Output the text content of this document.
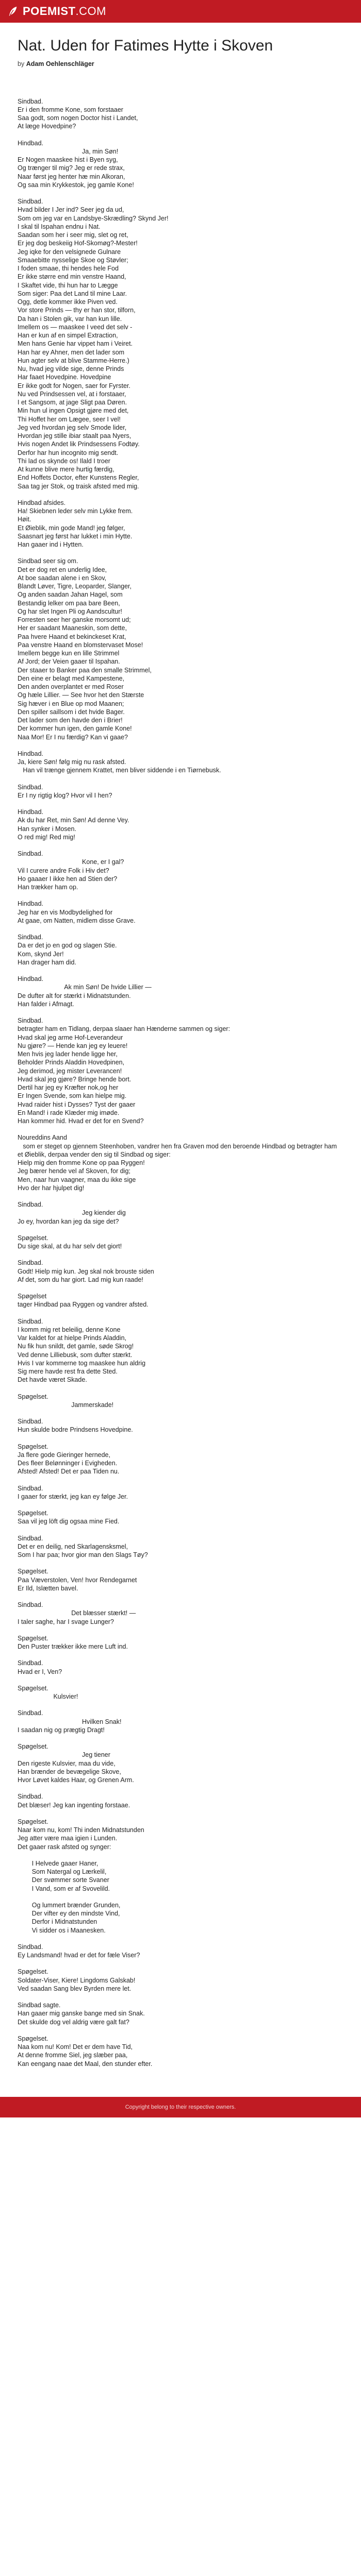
POEMIST.COM
Nat. Uden for Fatimes Hytte i Skoven
by Adam Oehlenschläger
Sindbad.
Er i den fromme Kone, som forstaaer
Saa godt, som nogen Doctor hist i Landet,
At læge Hovedpine?
Hindbad.
Ja, min Søn!
Er Nogen maaskee hist i Byen syg,
Og trænger til mig? Jeg er rede strax,
Naar først jeg henter hæ min Alkoran,
Og saa min Krykkestok, jeg gamle Kone!
Sindbad.
Hvad bilder I Jer ind? Seer jeg da ud,
Som om jeg var en Landsbye-Skrædling? Skynd Jer!
I skal til Ispahan endnu i Nat.
Saadan som her i seer mig, slet og ret,
Er jeg dog beskeiig Hof-Skomøg?-Mester!
Jeg iqke for den velsignede Gulnare
Smaaebitte nysselige Skoe og Støvler;
I foden smaae, thi hendes hele Fod
Er ikke større end min venstre Haand,
I Skaftet vide, thi hun har to Lægge
Som siger: Paa det Land til mine Laar.
Ogg, detle kommer ikke Piven ved.
Vor store Prinds — thy er han stor, tilforn,
Da han i Stolen gik, var han kun lille.
Imellem os — maaskee I veed det selv -
Han er kun af en simpel Extraction,
Men hans Genie har vippet ham i Veiret.
Han har ey Ahner, men det lader som
Hun agter selv at blive Stamme-Herre.)
Nu, hvad jeg vilde sige, denne Prinds
Har faaet Hovedpine. Hovedpine
Er ikke godt for Nogen, saer for Fyrster.
Nu ved Prindsessen vel, at i forstaaer,
I et Sangsom, at jage Sligt paa Døren.
Min hun ul ingen Opsigt gjøre med det,
Thi Hoffet her om Lægee, seer I vel!
Jeg ved hvordan jeg selv Smode lider,
Hvordan jeg stille ibiar staalt paa Nyers,
Hvis nogen Andet lik Prindsessens Fodtøy.
Derfor har hun incognito mig sendt.
Thi lad os skynde os! Ilald I troer
At kunne blive mere hurtig færdig,
End Hoffets Doctor, efter Kunstens Regler,
Saa tag jer Stok, og traisk afsted med mig.
Hindbad afsides.
Ha! Skiebnen leder selv min Lykke frem.
Høit.
Et Øieblik, min gode Mand! jeg følger,
Saasnart jeg først har lukket i min Hytte.
Han gaaer ind i Hytten.
Sindbad seer sig om.
Det er dog ret en underlig Idee,
At boe saadan alene i en Skov,
Blandt Løver, Tigre, Leoparder, Slanger,
Og anden saadan Jahan Hagel, som
Bestandig lelker om paa bare Been,
Og har slet Ingen Pli og Aandscultur!
Forresten seer her ganske morsomt ud;
Her er saadant Maaneskin, som dette,
Paa hvere Haand et bekinckeset Krat,
Paa venstre Haand en blomstervaset Mose!
Imellem begge kun en lille Strimmel
Af Jord; der Veien gaaer til Ispahan.
Der staaer to Banker paa den smalle Strimmel,
Den eine er belagt med Kampestene,
Den anden overplantet er med Roser
Og hæle Lillier. — See hvor het den Stærste
Sig hæver i en Blue op mod Maanen;
Den spiller saillsom i det hvide Bager.
Det lader som den havde den i Brier!
Der kommer hun igen, den gamle Kone!
Naa Mor! Er I nu færdig? Kan vi gaae?
Hindbad.
Ja, kiere Søn! følg mig nu rask afsted.
Han vil trænge gjennem Krattet, men bliver siddende i en Tiørnebusk.
Sindbad.
Er I ny rigtig klog? Hvor vil I hen?
Hindbad.
Ak du har Ret, min Søn! Ad denne Vey.
Han synker i Mosen.
O red mig! Red mig!
Sindbad.
Kone, er I gal?
Vil I curere andre Folk i Hiv det?
Ho gaaaer I ikke hen ad Stien der?
Han trækker ham op.
Hindbad.
Jeg har en vis Modbydelighed for
At gaae, om Natten, midlem disse Grave.
Sindbad.
Da er det jo en god og slagen Stie.
Kom, skynd Jer!
Han drager ham did.
Hindbad.
Ak min Søn! De hvide Lillier —
De dufter alt for stærkt i Midnatstunden.
Han falder i Afmagt.
Sindbad.
betragter ham en Tidlang, derpaa slaaer han Hænderne sammen og siger:
Hvad skal jeg arme Hof-Leverandeur
Nu gjøre? — Hende kan jeg ey leuere!
Men hvis jeg lader hende ligge her,
Beholder Prinds Aladdin Hovedpinen,
Jeg derimod, jeg mister Leverancen!
Hvad skal jeg gjøre? Bringe hende bort.
Dertil har jeg ey Kræfter nok,og her
Er Ingen Svende, som kan hielpe mig.
Hvad raider hist i Dysses? Tyst der gaaer
En Mand! i rade Klæder mig imøde.
Han kommer hid. Hvad er det for en Svend?
Noureddins Aand
som er steget op gjennem Steenhoben, vandrer hen fra Graven mod den beroende Hindbad og betragter ham et Øieblik, derpaa vender den sig til Sindbad og siger:
Hielp mig den fromme Kone op paa Ryggen!
Jeg bærer hende vel af Skoven, for dig;
Men, naar hun vaagner, maa du ikke sige
Hvo der har hjulpet dig!
Sindbad.
Jeg kiender dig
Jo ey, hvordan kan jeg da sige det?
Spøgelset.
Du sige skal, at du har selv det giort!
Sindbad.
Godt! Hielp mig kun. Jeg skal nok brouste siden
Af det, som du har giort. Lad mig kun raade!
Spøgelset
tager Hindbad paa Ryggen og vandrer afsted.
Sindbad.
I komm mig ret beleilig, denne Kone
Var kaldet for at hielpe Prinds Aladdin,
Nu fik hun snildt, det gamle, søde Skrog!
Ved denne Lilliebusk, som dufter stærkt.
Hvis I var kommerne tog maaskee hun aldrig
Sig mere havde rest fra dette Sted.
Det havde været Skade.
Spøgelset.
Jammerskade!
Sindbad.
Hun skulde bodre Prindsens Hovedpine.
Spøgelset.
Ja flere gode Gieringer hernede,
Des fleer Belønninger i Evigheden.
Afsted! Afsted! Det er paa Tiden nu.
Sindbad.
I gaaer for stærkt, jeg kan ey følge Jer.
Spøgelset.
Saa vil jeg löft dig ogsaa mine Fied.
Sindbad.
Det er en deilig, ned Skarlagensksmel,
Som I har paa; hvor gior man den Slags Tøy?
Spøgelset.
Paa Væverstolen, Ven! hvor Rendegarnet
Er Ild, Islætten bavel.
Sindbad.
Det blæsser stærkt! —
I taler saghe, har I svage Lunger?
Spøgelset.
Den Puster trækker ikke mere Luft ind.
Sindbad.
Hvad er I, Ven?
Spøgelset.
Kulsvier!
Sindbad.
Hvilken Snak!
I saadan nig og prægtig Dragt!
Spøgelset.
Jeg tiener
Den rigeste Kulsvier, maa du vide,
Han brænder de bevægelige Skove,
Hvor Løvet kaldes Haar, og Grenen Arm.
Sindbad.
Det blæser! Jeg kan ingenting forstaae.
Spøgelset.
Naar kom nu, kom! Thi inden Midnatstunden
Jeg atter være maa igien i Lunden.
Det gaaer rask afsted og synger:
I Helvede gaaer Haner,
Som Natergal og Lærkelil,
Der svømmer sorte Svaner
I Vand, som er af Svovelild.
Og lummert brænder Grunden,
Der vifter ey den mindste Vind,
Derfor i Midnatstunden
Vi sidder os i Maanesken.
Sindbad.
Ey Landsmand! hvad er det for fæle Viser?
Spøgelset.
Soldater-Viser, Kiere! Lingdoms Galskab!
Ved saadan Sang blev Byrden mere let.
Sindbad sagte.
Han gaaer mig ganske bange med sin Snak.
Det skulde dog vel aldrig være galt fat?
Spøgelset.
Naa kom nu! Kom! Det er dem have Tid,
At denne fromme Siel, jeg slæber paa,
Kan eengang naae det Maal, den stunder efter.
Copyright belong to their respective owners.
